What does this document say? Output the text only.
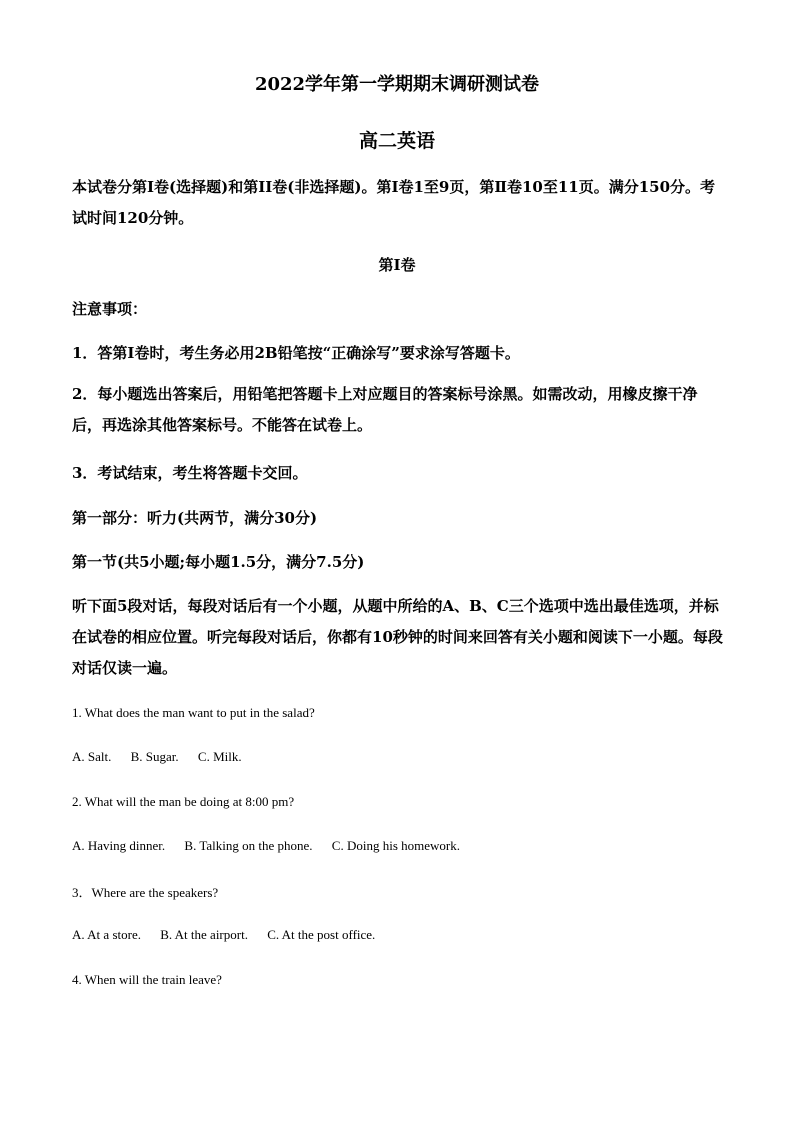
2022学年第一学期期末调研测试卷
高二英语

本试卷分第I卷(选择题)和第II卷(非选择题)。第I卷1至9页，第Ⅱ卷10至11页。满分150分。考试时间120分钟。

第I卷

注意事项：

1．答第I卷时，考生务必用2B铅笔按“正确涂写”要求涂写答题卡。

2．每小题选出答案后，用铅笔把答题卡上对应题目的答案标号涂黑。如需改动，用橡皮擦干净后，再选涂其他答案标号。不能答在试卷上。

3．考试结束，考生将答题卡交回。

第一部分：听力(共两节，满分30分)

第一节(共5小题;每小题1.5分，满分7.5分)

听下面5段对话，每段对话后有一个小题，从题中所给的A、B、C三个选项中选出最佳选项，并标在试卷的相应位置。听完每段对话后，你都有10秒钟的时间来回答有关小题和阅读下一小题。每段对话仅读一遍。

1. What does the man want to put in the salad?

A. Salt. B. Sugar. C. Milk.

2. What will the man be doing at 8:00 pm?

A. Having dinner. B. Talking on the phone. C. Doing his homework.

3．Where are the speakers?

A. At a store. B. At the airport. C. At the post office.

4. When will the train leave?
